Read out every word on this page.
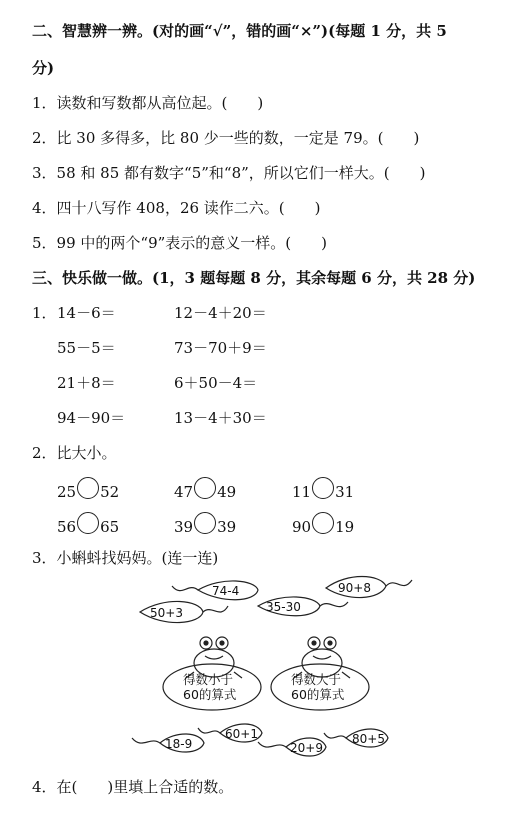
二、智慧辨一辨。(对的画“√”，错的画“×”)(每题 1 分，共 5
分)
1．读数和写数都从高位起。(　　)
2．比 30 多得多，比 80 少一些的数，一定是 79。(　　)
3．58 和 85 都有数字“5”和“8”，所以它们一样大。(　　)
4．四十八写作 408，26 读作二六。(　　)
5．99 中的两个“9”表示的意义一样。(　　)
三、快乐做一做。(1，3 题每题 8 分，其余每题 6 分，共 28 分)
1． 14－6＝	12－4＋20＝
55－5＝	73－70＋9＝
21＋8＝	6＋50－4＝
94－90＝	13－4＋30＝
2．比大小。
25 52	47 49	11 31
56 65	39 39	90 19
3．小蝌蚪找妈妈。(连一连)
50+3
74-4
35-30
90+8
得数小于
60的算式
得数大于
60的算式
18-9
60+1
20+9
80+5
4．在(　　)里填上合适的数。
